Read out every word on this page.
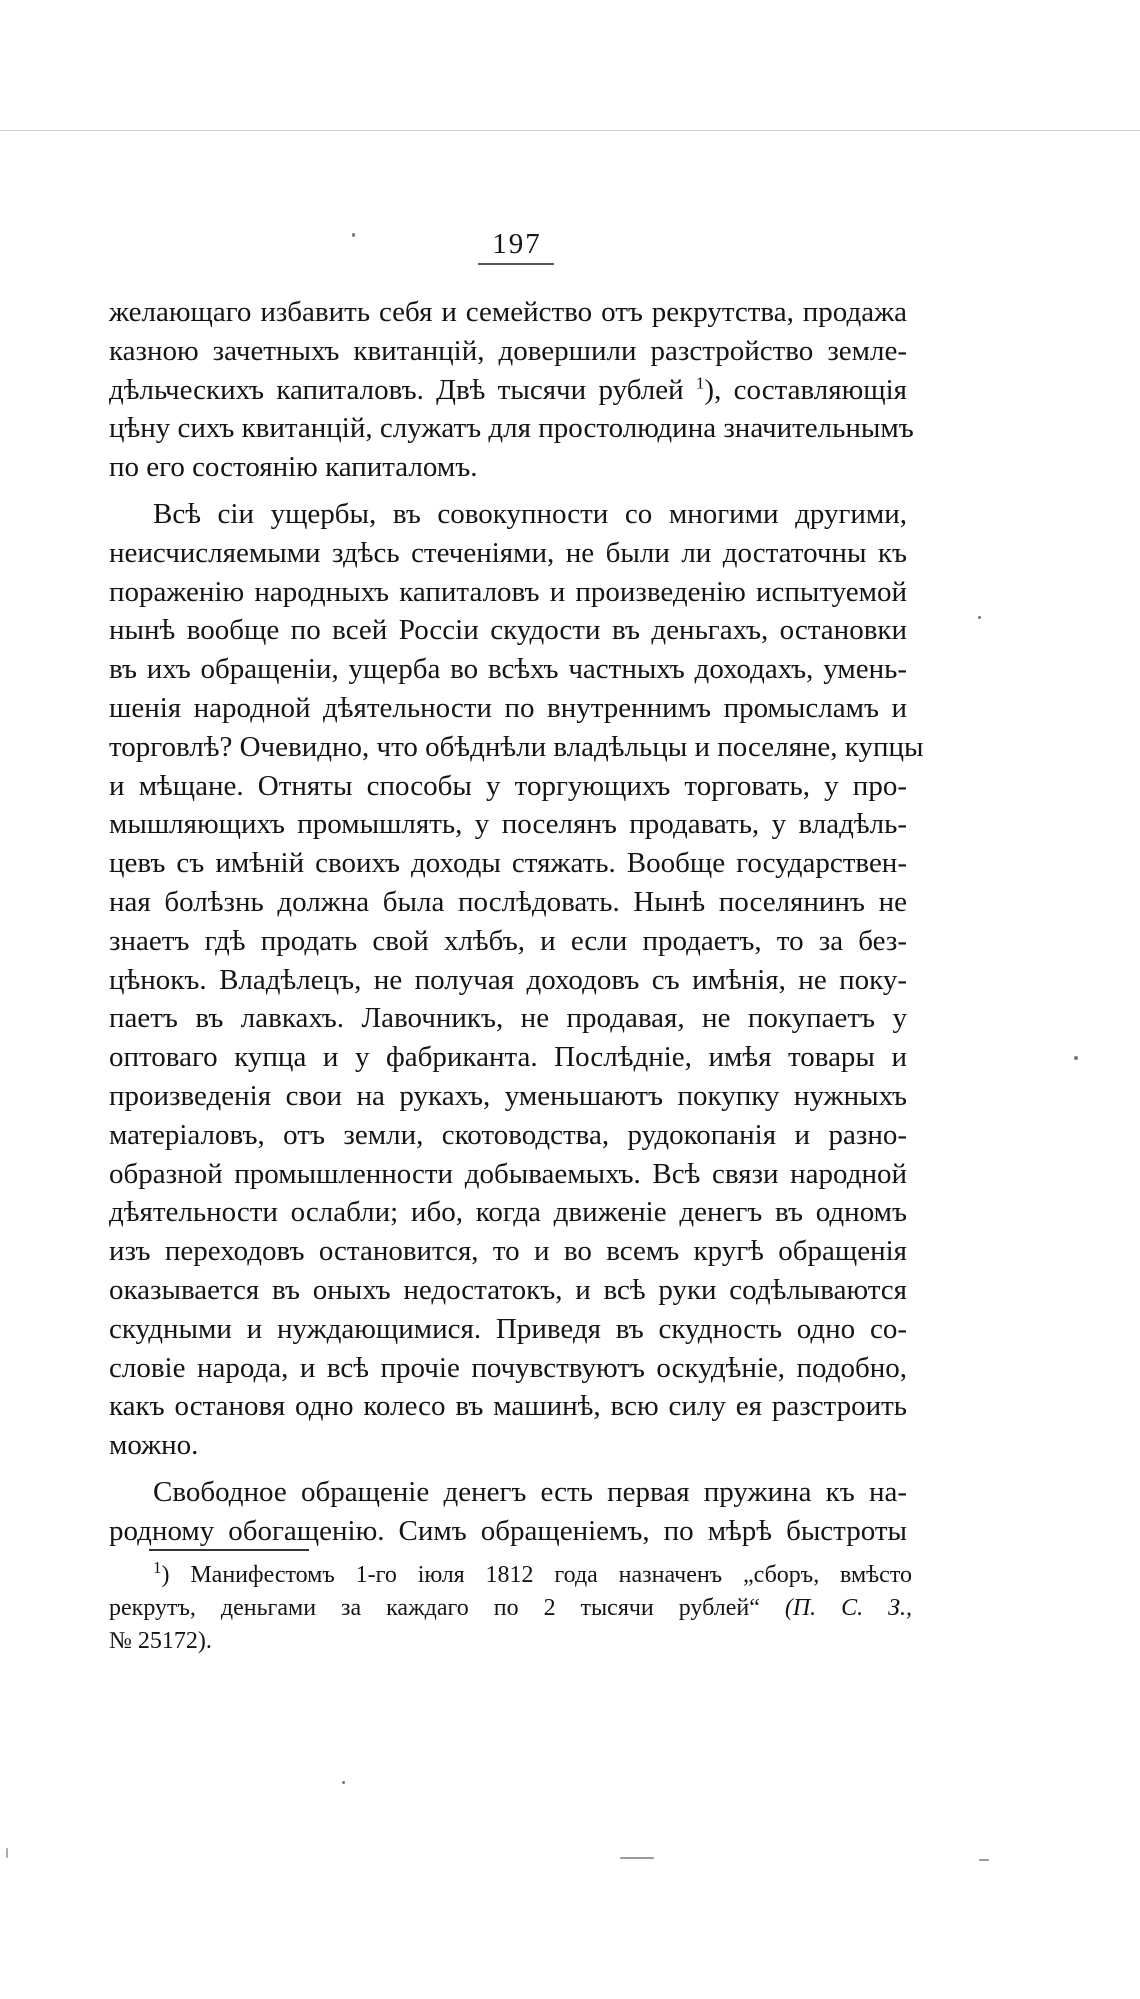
197
желающаго избавить себя и семейство отъ рекрутства, продажа
казною зачетныхъ квитанцій, довершили разстройство земле-
дѣльческихъ капиталовъ. Двѣ тысячи рублей $^1$), составляющія
цѣну сихъ квитанцій, служатъ для простолюдина значительнымъ
по его состоянію капиталомъ.
Всѣ сіи ущербы, въ совокупности со многими другими,
неисчисляемыми здѣсь стеченіями, не были ли достаточны къ
пораженію народныхъ капиталовъ и произведенію испытуемой
нынѣ вообще по всей Россіи скудости въ деньгахъ, остановки
въ ихъ обращеніи, ущерба во всѣхъ частныхъ доходахъ, умень-
шенія народной дѣятельности по внутреннимъ промысламъ и
торговлѣ? Очевидно, что обѣднѣли владѣльцы и поселяне, купцы
и мѣщане. Отняты способы у торгующихъ торговать, у про-
мышляющихъ промышлять, у поселянъ продавать, у владѣль-
цевъ съ имѣній своихъ доходы стяжать. Вообще государствен-
ная болѣзнь должна была послѣдовать. Нынѣ поселянинъ не
знаетъ гдѣ продать свой хлѣбъ, и если продаетъ, то за без-
цѣнокъ. Владѣлецъ, не получая доходовъ съ имѣнія, не поку-
паетъ въ лавкахъ. Лавочникъ, не продавая, не покупаетъ у
оптоваго купца и у фабриканта. Послѣдніе, имѣя товары и
произведенія свои на рукахъ, уменьшаютъ покупку нужныхъ
матеріаловъ, отъ земли, скотоводства, рудокопанія и разно-
образной промышленности добываемыхъ. Всѣ связи народной
дѣятельности ослабли; ибо, когда движеніе денегъ въ одномъ
изъ переходовъ остановится, то и во всемъ кругѣ обращенія
оказывается въ оныхъ недостатокъ, и всѣ руки содѣлываются
скудными и нуждающимися. Приведя въ скудность одно со-
словіе народа, и всѣ прочіе почувствуютъ оскудѣніе, подобно,
какъ остановя одно колесо въ машинѣ, всю силу ея разстроить
можно.
Свободное обращеніе денегъ есть первая пружина къ на-
родному обогащенію. Симъ обращеніемъ, по мѣрѣ быстроты
$^1$) Манифестомъ 1-го іюля 1812 года назначенъ „сборъ, вмѣсто
рекрутъ, деньгами за каждаго по 2 тысячи рублей“ (П. С. З.,
№ 25172).
